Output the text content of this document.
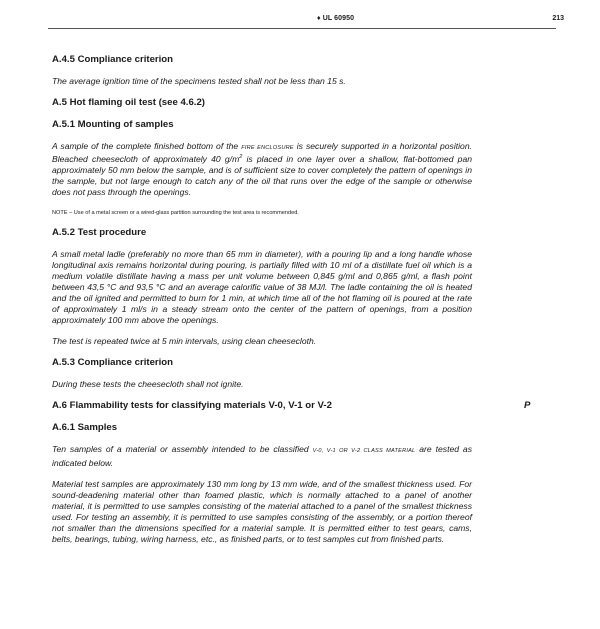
♦ UL 60950	213
A.4.5 Compliance criterion

The average ignition time of the specimens tested shall not be less than 15 s.

A.5 Hot flaming oil test (see 4.6.2)
A.5.1 Mounting of samples

A sample of the complete finished bottom of the FIRE ENCLOSURE is securely supported in a horizontal position. Bleached cheesecloth of approximately 40 $g/m^2$ is placed in one layer over a shallow, flat-bottomed pan approximately 50 mm below the sample, and is of sufficient size to cover completely the pattern of openings in the sample, but not large enough to catch any of the oil that runs over the edge of the sample or otherwise does not pass through the openings.

NOTE – Use of a metal screen or a wired-glass partition surrounding the test area is recommended.

A.5.2 Test procedure

A small metal ladle (preferably no more than 65 mm in diameter), with a pouring lip and a long handle whose longitudinal axis remains horizontal during pouring, is partially filled with 10 ml of a distillate fuel oil which is a medium volatile distillate having a mass per unit volume between 0,845 g/ml and 0,865 g/ml, a flash point between 43,5 °C and 93,5 °C and an average calorific value of 38 MJ/l. The ladle containing the oil is heated and the oil ignited and permitted to burn for 1 min, at which time all of the hot flaming oil is poured at the rate of approximately 1 ml/s in a steady stream onto the center of the pattern of openings, from a position approximately 100 mm above the openings.

The test is repeated twice at 5 min intervals, using clean cheesecloth.

A.5.3 Compliance criterion

During these tests the cheesecloth shall not ignite.

A.6 Flammability tests for classifying materials V-0, V-1 or V-2
A.6.1 Samples

Ten samples of a material or assembly intended to be classified V-0, V-1 OR V-2 CLASS MATERIAL are tested as indicated below.

Material test samples are approximately 130 mm long by 13 mm wide, and of the smallest thickness used. For sound-deadening material other than foamed plastic, which is normally attached to a panel of another material, it is permitted to use samples consisting of the material attached to a panel of the smallest thickness used. For testing an assembly, it is permitted to use samples consisting of the assembly, or a portion thereof not smaller than the dimensions specified for a material sample. It is permitted either to test gears, cams, belts, bearings, tubing, wiring harness, etc., as finished parts, or to test samples cut from finished parts.

P
